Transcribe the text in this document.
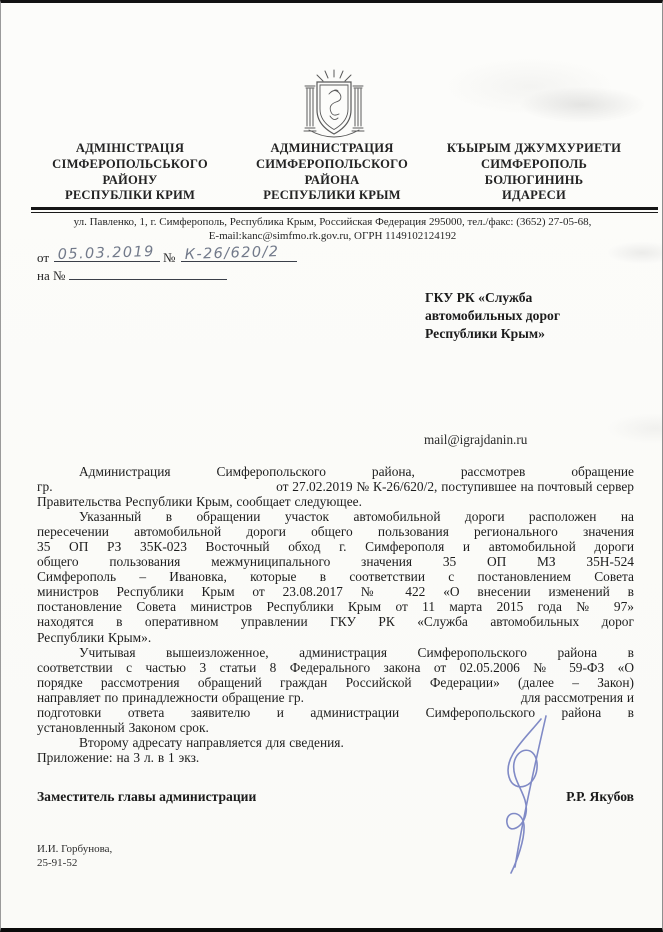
АДМІНІСТРАЦІЯ
СІМФЕРОПОЛЬСЬКОГО
РАЙОНУ
РЕСПУБЛІКИ КРИМ
АДМИНИСТРАЦИЯ
СИМФЕРОПОЛЬСКОГО
РАЙОНА
РЕСПУБЛИКИ КРЫМ
КЪЫРЫМ ДЖУМХУРИЕТИ
СИМФЕРОПОЛЬ
БОЛЮГИНИНЬ
ИДАРЕСИ
ул. Павленко, 1, г. Симферополь, Республика Крым, Российская Федерация 295000, тел./факс: (3652) 27-05-68,
E-mail:kanc@simfmo.rk.gov.ru, ОГРН 1149102124192
от 05.03.2019 № К-26/620/2
на №
ГКУ РК «Служба
автомобильных дорог
Республики Крым»
mail@igrajdanin.ru
Администрация Симферопольского района, рассмотрев обращение
гр.	от 27.02.2019 № К-26/620/2, поступившее на почтовый сервер
Правительства Республики Крым, сообщает следующее.
Указанный в обращении участок автомобильной дороги расположен на
пересечении автомобильной дороги общего пользования регионального значения
35 ОП РЗ 35К-023 Восточный обход г. Симферополя и автомобильной дороги
общего пользования межмуниципального значения 35 ОП МЗ 35Н-524
Симферополь – Ивановка, которые в соответствии с постановлением Совета
министров Республики Крым от 23.08.2017 № 422 «О внесении изменений в
постановление Совета министров Республики Крым от 11 марта 2015 года № 97»
находятся в оперативном управлении ГКУ РК «Служба автомобильных дорог
Республики Крым».
Учитывая вышеизложенное, администрация Симферопольского района в
соответствии с частью 3 статьи 8 Федерального закона от 02.05.2006 № 59-ФЗ «О
порядке рассмотрения обращений граждан Российской Федерации» (далее – Закон)
направляет по принадлежности обращение гр.	для рассмотрения и
подготовки ответа заявителю и администрации Симферопольского района в
установленный Законом срок.
Второму адресату направляется для сведения.
Приложение: на 3 л. в 1 экз.
Заместитель главы администрации	Р.Р. Якубов
И.И. Горбунова,
25-91-52
